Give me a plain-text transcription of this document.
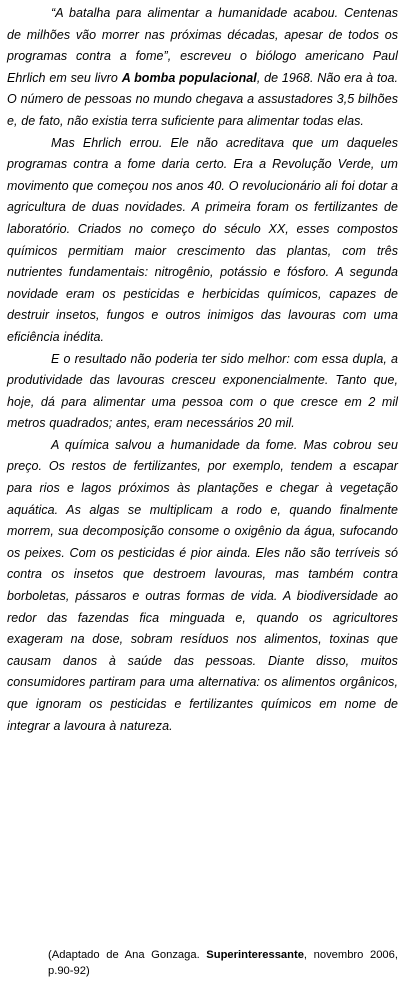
“A batalha para alimentar a humanidade acabou. Centenas de milhões vão morrer nas próximas décadas, apesar de todos os programas contra a fome”, escreveu o biólogo americano Paul Ehrlich em seu livro A bomba populacional, de 1968. Não era à toa. O número de pessoas no mundo chegava a assustadores 3,5 bilhões e, de fato, não existia terra suficiente para alimentar todas elas.

Mas Ehrlich errou. Ele não acreditava que um daqueles programas contra a fome daria certo. Era a Revolução Verde, um movimento que começou nos anos 40. O revolucionário ali foi dotar a agricultura de duas novidades. A primeira foram os fertilizantes de laboratório. Criados no começo do século XX, esses compostos químicos permitiam maior crescimento das plantas, com três nutrientes fundamentais: nitrogênio, potássio e fósforo. A segunda novidade eram os pesticidas e herbicidas químicos, capazes de destruir insetos, fungos e outros inimigos das lavouras com uma eficiência inédita.

E o resultado não poderia ter sido melhor: com essa dupla, a produtividade das lavouras cresceu exponencialmente. Tanto que, hoje, dá para alimentar uma pessoa com o que cresce em 2 mil metros quadrados; antes, eram necessários 20 mil.

A química salvou a humanidade da fome. Mas cobrou seu preço. Os restos de fertilizantes, por exemplo, tendem a escapar para rios e lagos próximos às plantações e chegar à vegetação aquática. As algas se multiplicam a rodo e, quando finalmente morrem, sua decomposição consome o oxigênio da água, sufocando os peixes. Com os pesticidas é pior ainda. Eles não são terríveis só contra os insetos que destroem lavouras, mas também contra borboletas, pássaros e outras formas de vida. A biodiversidade ao redor das fazendas fica minguada e, quando os agricultores exageram na dose, sobram resíduos nos alimentos, toxinas que causam danos à saúde das pessoas. Diante disso, muitos consumidores partiram para uma alternativa: os alimentos orgânicos, que ignoram os pesticidas e fertilizantes químicos em nome de integrar a lavoura à natureza.

(Adaptado de Ana Gonzaga. Superinteressante, novembro 2006, p.90-92)
